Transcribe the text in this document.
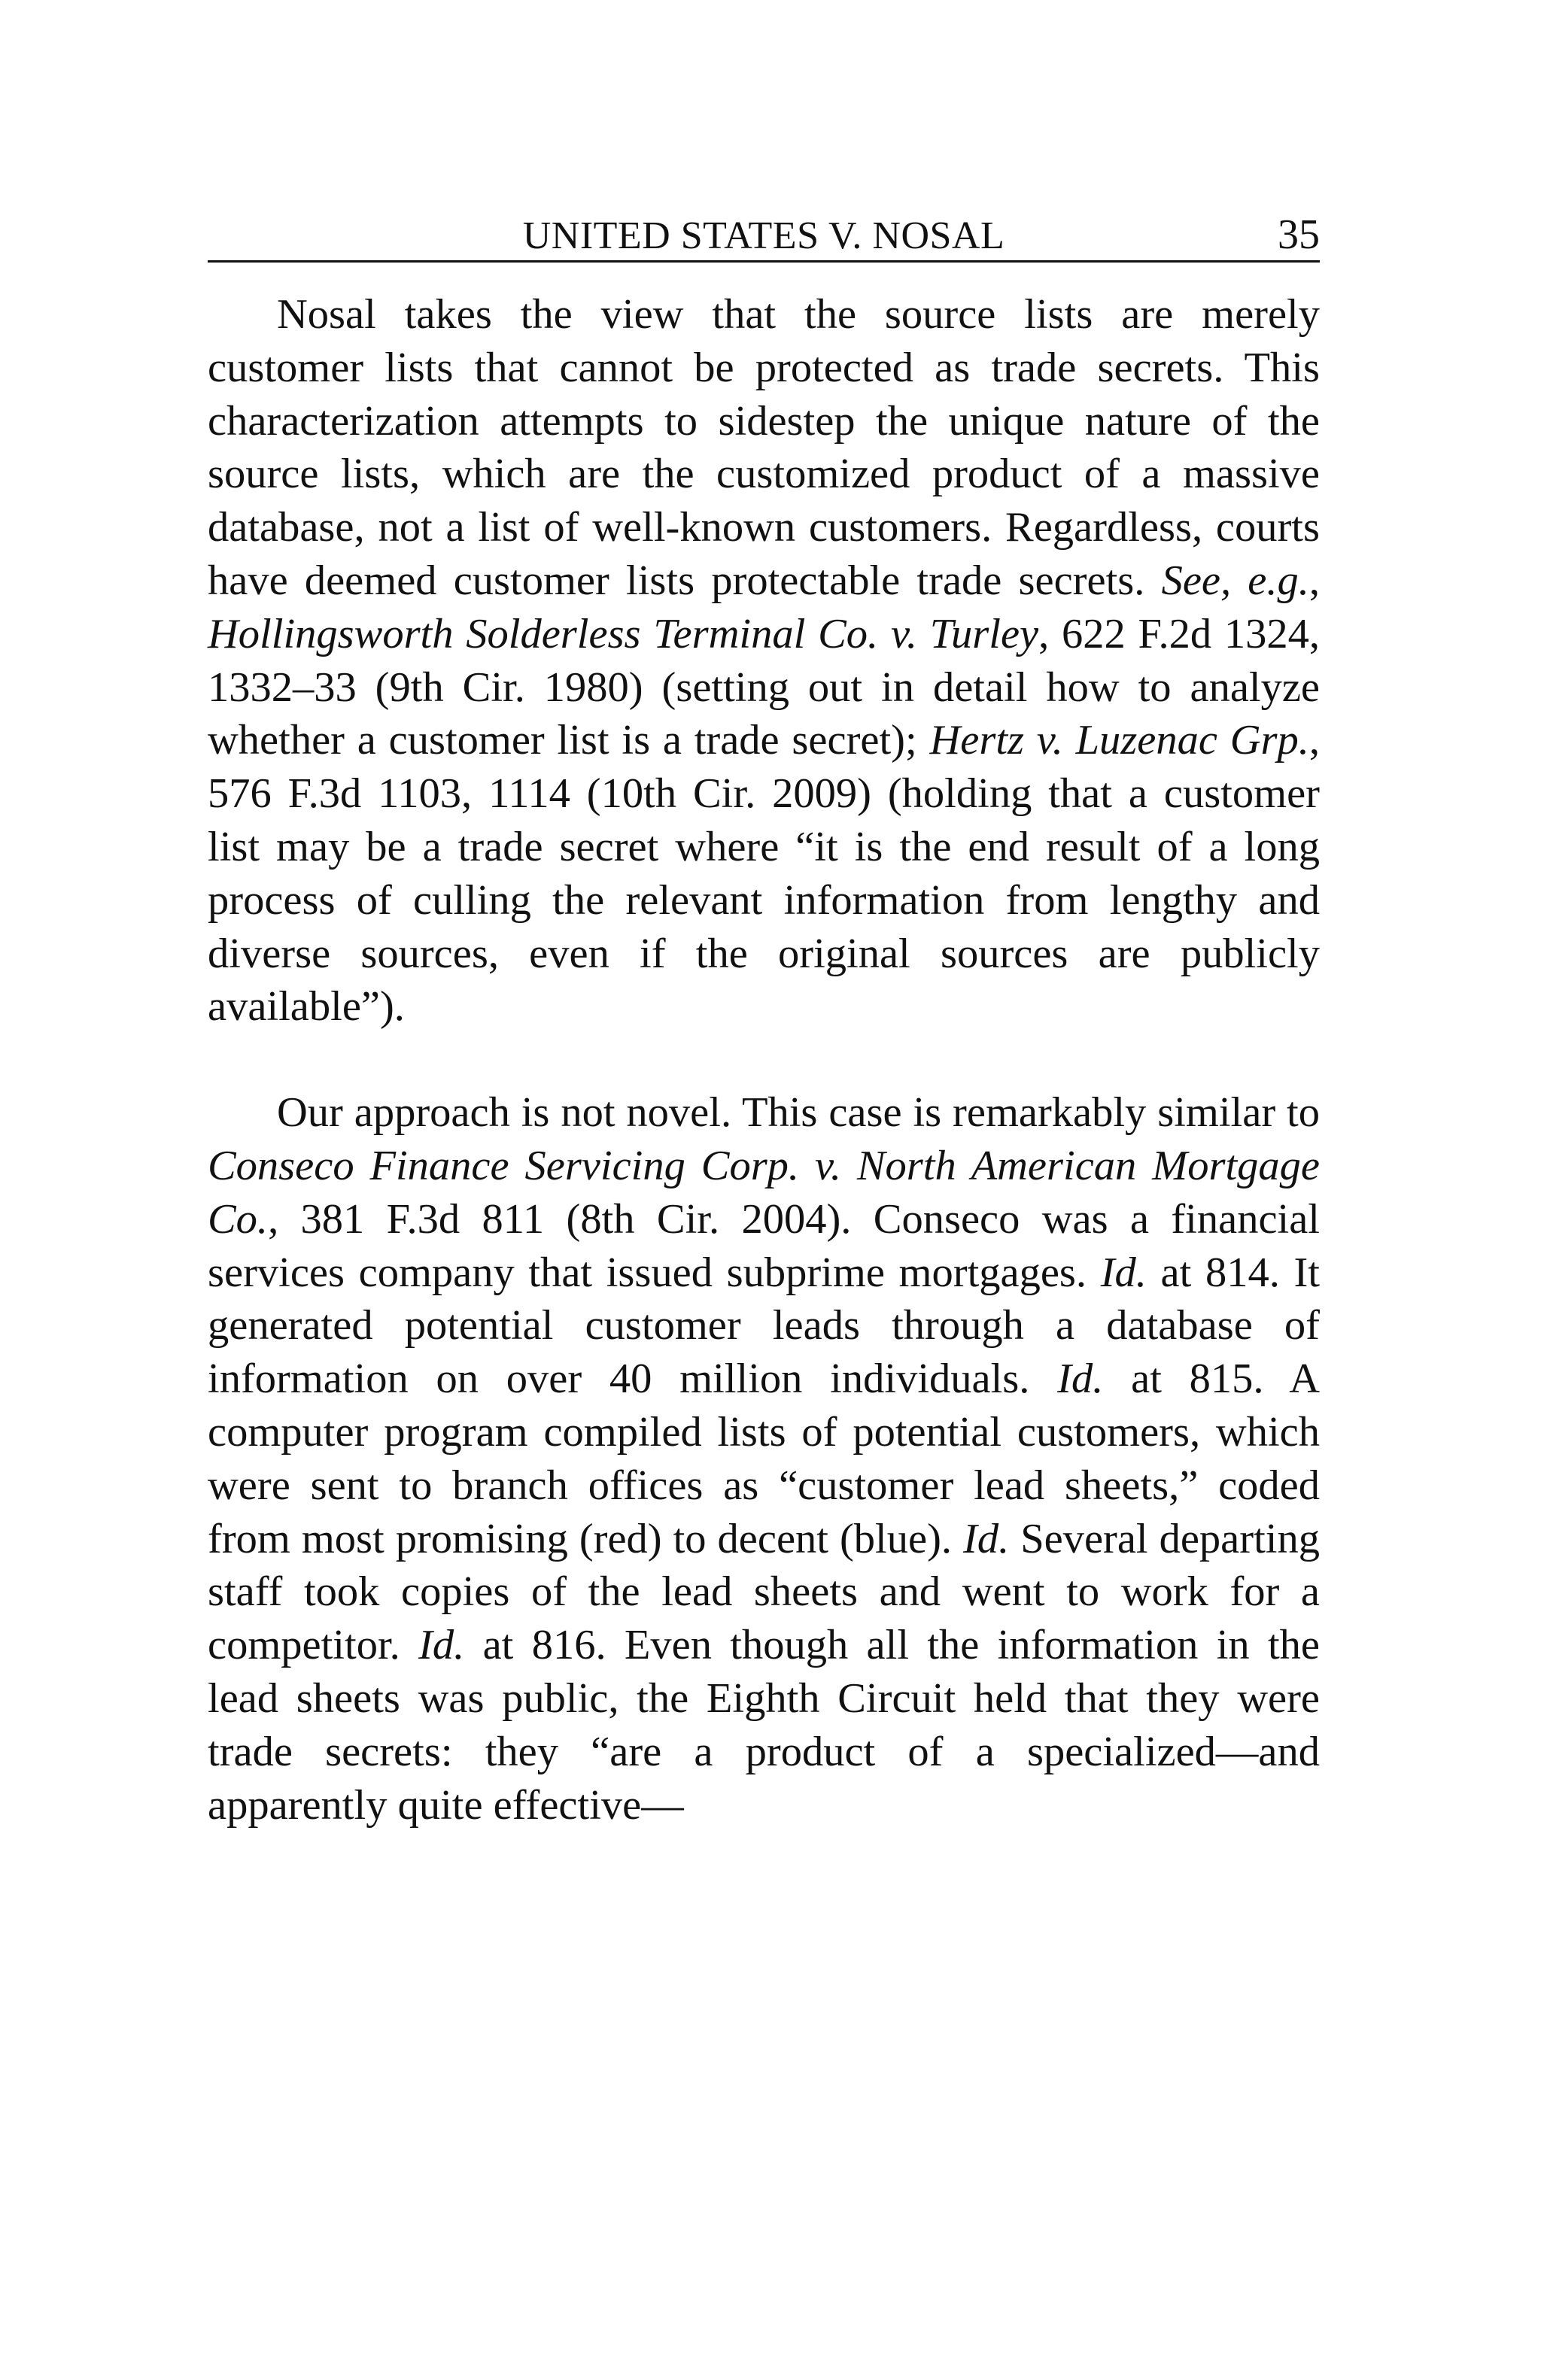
UNITED STATES V. NOSAL	35

Nosal takes the view that the source lists are merely customer lists that cannot be protected as trade secrets. This characterization attempts to sidestep the unique nature of the source lists, which are the customized product of a massive database, not a list of well-known customers. Regardless, courts have deemed customer lists protectable trade secrets. See, e.g., Hollingsworth Solderless Terminal Co. v. Turley, 622 F.2d 1324, 1332–33 (9th Cir. 1980) (setting out in detail how to analyze whether a customer list is a trade secret); Hertz v. Luzenac Grp., 576 F.3d 1103, 1114 (10th Cir. 2009) (holding that a customer list may be a trade secret where “it is the end result of a long process of culling the relevant information from lengthy and diverse sources, even if the original sources are publicly available”).

Our approach is not novel. This case is remarkably similar to Conseco Finance Servicing Corp. v. North American Mortgage Co., 381 F.3d 811 (8th Cir. 2004). Conseco was a financial services company that issued subprime mortgages. Id. at 814. It generated potential customer leads through a database of information on over 40 million individuals. Id. at 815. A computer program compiled lists of potential customers, which were sent to branch offices as “customer lead sheets,” coded from most promising (red) to decent (blue). Id. Several departing staff took copies of the lead sheets and went to work for a competitor. Id. at 816. Even though all the information in the lead sheets was public, the Eighth Circuit held that they were trade secrets: they “are a product of a specialized—and apparently quite effective—
